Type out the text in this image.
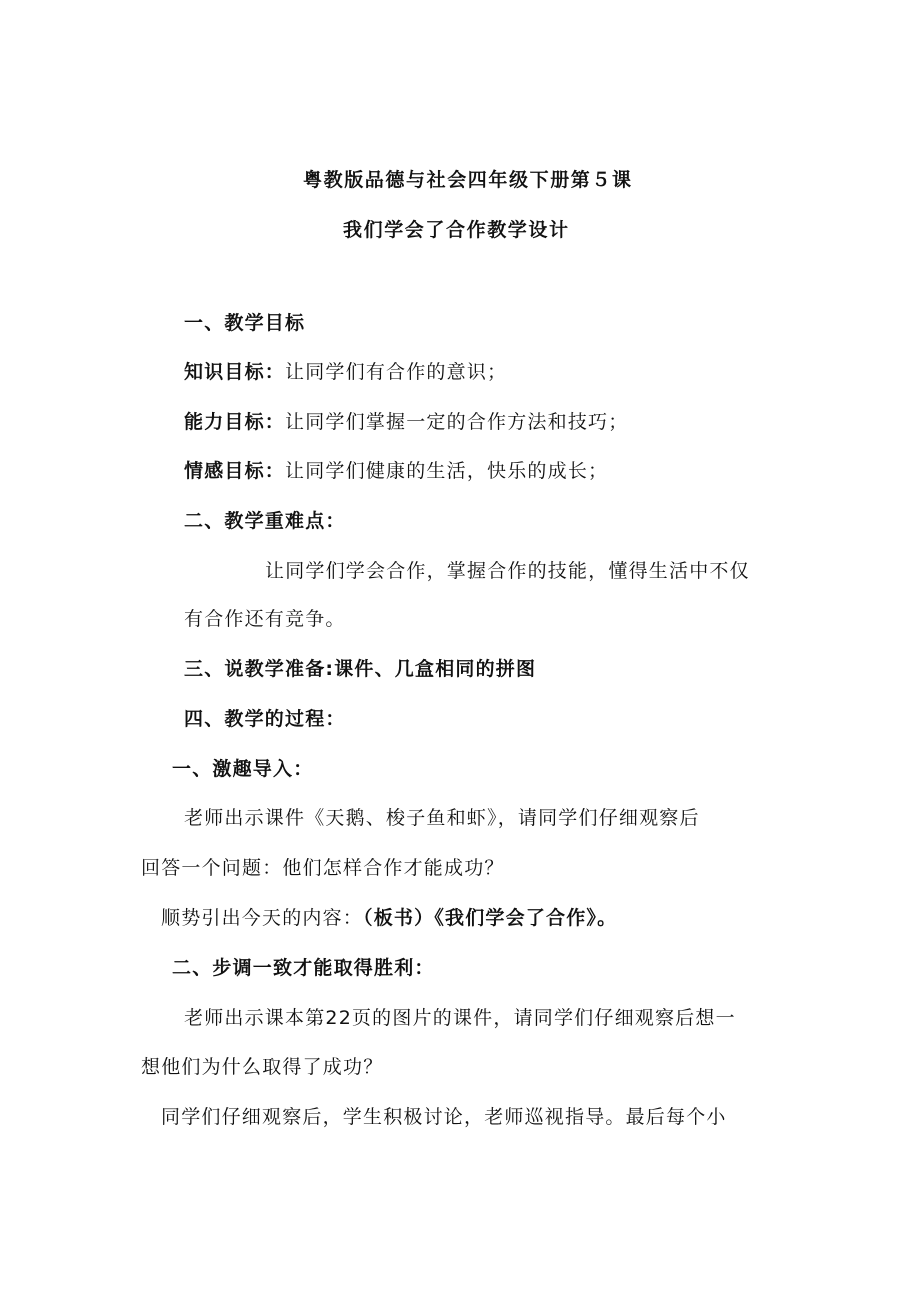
粤教版品德与社会四年级下册第５课
我们学会了合作教学设计
一、教学目标
知识目标：让同学们有合作的意识；
能力目标：让同学们掌握一定的合作方法和技巧；
情感目标：让同学们健康的生活，快乐的成长；
二、教学重难点：
让同学们学会合作，掌握合作的技能，懂得生活中不仅
有合作还有竞争。
三、说教学准备:课件、几盒相同的拼图
四、教学的过程：
一、激趣导入：
老师出示课件《天鹅、梭子鱼和虾》，请同学们仔细观察后
回答一个问题：他们怎样合作才能成功？
顺势引出今天的内容：（板书）《我们学会了合作》。
二、步调一致才能取得胜利：
老师出示课本第22页的图片的课件，请同学们仔细观察后想一
想他们为什么取得了成功？
同学们仔细观察后，学生积极讨论，老师巡视指导。最后每个小
